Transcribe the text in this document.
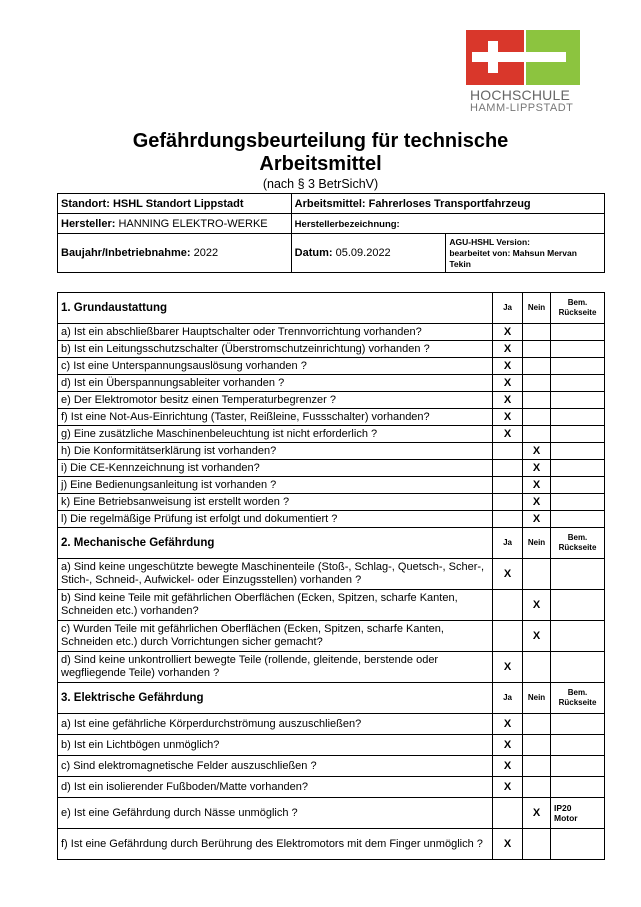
HOCHSCHULE
HAMM-LIPPSTADT
Gefährdungsbeurteilung für technische
Arbeitsmittel
(nach § 3 BetrSichV)
Standort: HSHL Standort Lippstadt	Arbeitsmittel: Fahrerloses Transportfahrzeug	
Hersteller: HANNING ELEKTRO-WERKE	Herstellerbezeichnung:	
Baujahr/Inbetriebnahme: 2022	Datum: 05.09.2022	AGU-HSHL Version:
bearbeitet von: Mahsun Mervan
Tekin
1. Grundaustattung	Ja	Nein	Bem.
Rückseite

a) Ist ein abschließbarer Hauptschalter oder Trennvorrichtung vorhanden?	X		
b) Ist ein Leitungsschutzschalter (Überstromschutzeinrichtung) vorhanden ?	X		
c) Ist eine Unterspannungsauslösung vorhanden ?	X		
d) Ist ein Überspannungsableiter vorhanden ?	X		
e) Der Elektromotor besitz einen Temperaturbegrenzer ?	X		
f) Ist eine Not-Aus-Einrichtung (Taster, Reißleine, Fussschalter) vorhanden?	X		
g) Eine zusätzliche Maschinenbeleuchtung ist nicht erforderlich ?	X		
h) Die Konformitätserklärung ist vorhanden?		X	
i) Die CE-Kennzeichnung ist vorhanden?		X	
j) Eine Bedienungsanleitung ist vorhanden ?		X	
k) Eine Betriebsanweisung ist erstellt worden ?		X	
l) Die regelmäßige Prüfung ist erfolgt und dokumentiert ?		X	
2. Mechanische Gefährdung	Ja	Nein	Bem.
Rückseite

a) Sind keine ungeschützte bewegte Maschinenteile (Stoß-, Schlag-, Quetsch-, Scher-, Stich-, Schneid-, Aufwickel- oder Einzugsstellen) vorhanden ?	X		
b) Sind keine Teile mit gefährlichen Oberflächen (Ecken, Spitzen, scharfe Kanten, Schneiden etc.) vorhanden?		X	
c) Wurden Teile mit gefährlichen Oberflächen (Ecken, Spitzen, scharfe Kanten, Schneiden etc.) durch Vorrichtungen sicher gemacht?		X	
d) Sind keine unkontrolliert bewegte Teile (rollende, gleitende, berstende oder wegfliegende Teile) vorhanden ?	X		
3. Elektrische Gefährdung	Ja	Nein	Bem.
Rückseite

a) Ist eine gefährliche Körperdurchströmung auszuschließen?	X		
b) Ist ein Lichtbögen unmöglich?	X		
c) Sind elektromagnetische Felder auszuschließen ?	X		
d) Ist ein isolierender Fußboden/Matte vorhanden?	X		
e) Ist eine Gefährdung durch Nässe unmöglich ?		X	IP20
Motor

f) Ist eine Gefährdung durch Berührung des Elektromotors mit dem Finger unmöglich ?	X		
